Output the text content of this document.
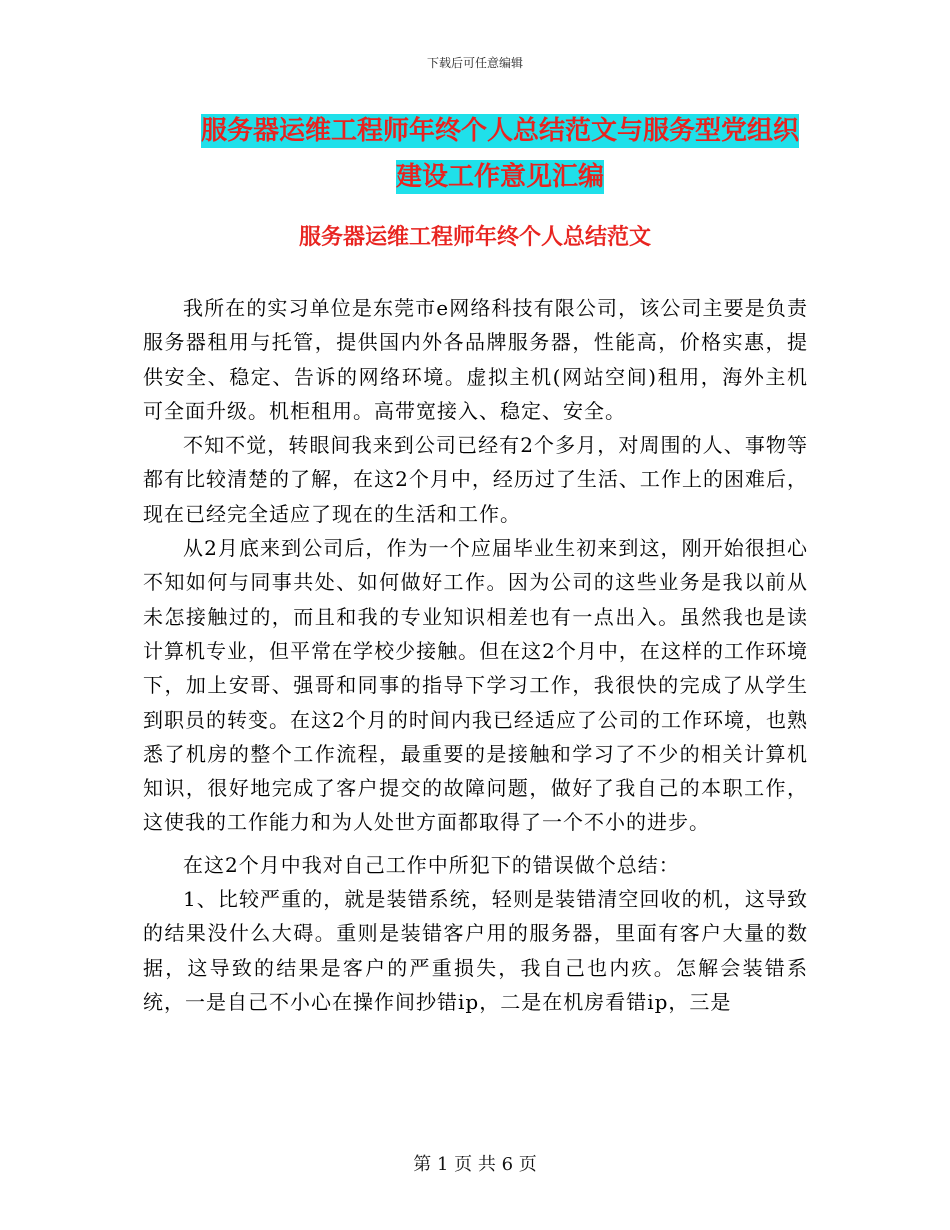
下载后可任意编辑
服务器运维工程师年终个人总结范文与服务型党组织
建设工作意见汇编
服务器运维工程师年终个人总结范文

我所在的实习单位是东莞市e网络科技有限公司，该公司主要是负责服务器租用与托管，提供国内外各品牌服务器，性能高，价格实惠，提供安全、稳定、告诉的网络环境。虚拟主机(网站空间)租用，海外主机可全面升级。机柜租用。高带宽接入、稳定、安全。

不知不觉，转眼间我来到公司已经有2个多月，对周围的人、事物等都有比较清楚的了解，在这2个月中，经历过了生活、工作上的困难后，现在已经完全适应了现在的生活和工作。

从2月底来到公司后，作为一个应届毕业生初来到这，刚开始很担心不知如何与同事共处、如何做好工作。因为公司的这些业务是我以前从未怎接触过的，而且和我的专业知识相差也有一点出入。虽然我也是读计算机专业，但平常在学校少接触。但在这2个月中，在这样的工作环境下，加上安哥、强哥和同事的指导下学习工作，我很快的完成了从学生到职员的转变。在这2个月的时间内我已经适应了公司的工作环境，也熟悉了机房的整个工作流程，最重要的是接触和学习了不少的相关计算机知识，很好地完成了客户提交的故障问题，做好了我自己的本职工作，这使我的工作能力和为人处世方面都取得了一个不小的进步。

在这2个月中我对自己工作中所犯下的错误做个总结：

1、比较严重的，就是装错系统，轻则是装错清空回收的机，这导致的结果没什么大碍。重则是装错客户用的服务器，里面有客户大量的数据，这导致的结果是客户的严重损失，我自己也内疚。怎解会装错系统，一是自己不小心在操作间抄错ip，二是在机房看错ip，三是

第 1 页 共 6 页
